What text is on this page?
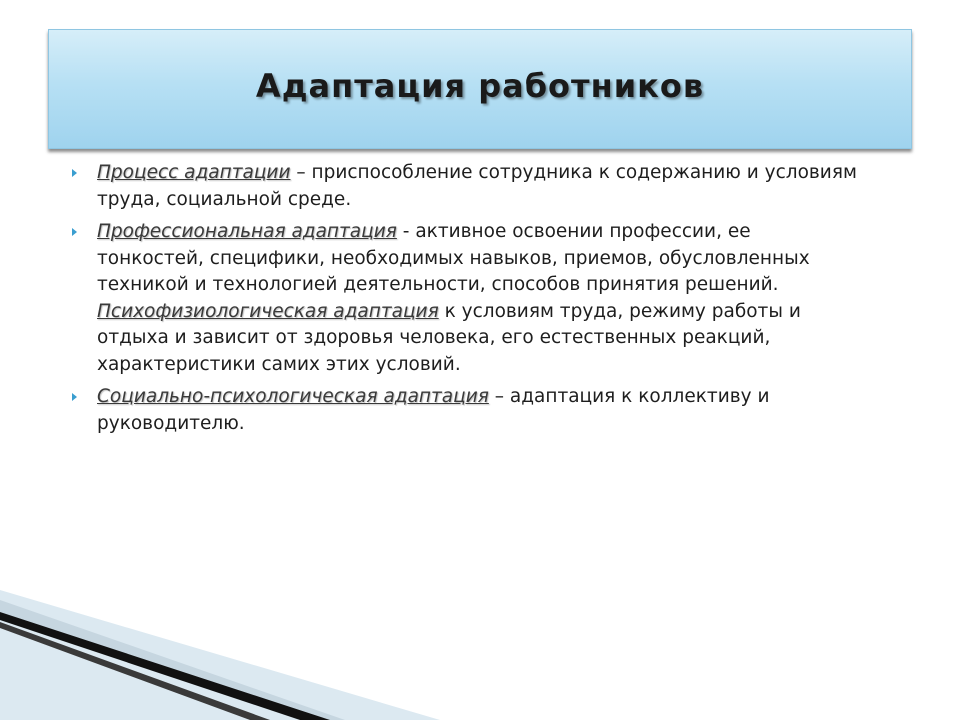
Адаптация работников
Процесс адаптации – приспособление сотрудника к содержанию и условиям труда, социальной среде.
Профессиональная адаптация - активное освоении профессии, ее тонкостей, специфики, необходимых навыков, приемов, обусловленных техникой и технологией деятельности, способов принятия решений. Психофизиологическая адаптация к условиям труда, режиму работы и отдыха и зависит от здоровья человека, его естественных реакций, характеристики самих этих условий.
Социально-психологическая адаптация – адаптация к коллективу и руководителю.
